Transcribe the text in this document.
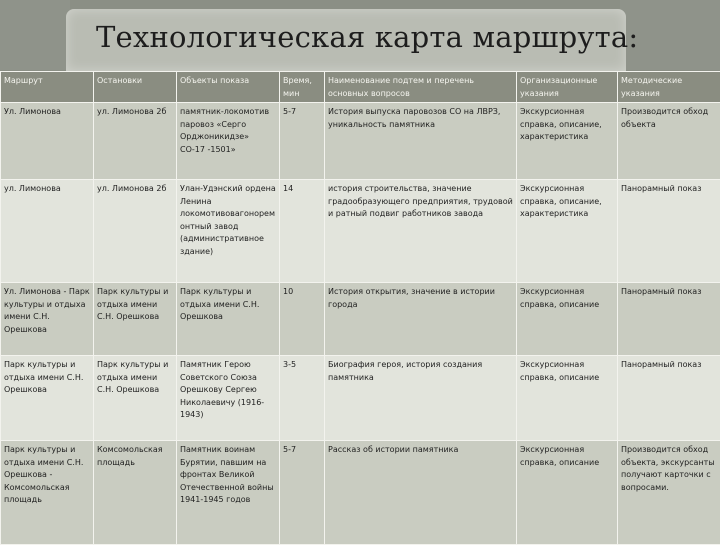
Технологическая карта маршрута:
Маршрут	Остановки	Объекты показа	Время, мин	Наименование подтем и перечень основных вопросов	Организационные указания	Методические указания
Ул. Лимонова	ул. Лимонова 2б	памятник-локомотив паровоз «Серго Орджоникидзе» СО-17 -1501»	5-7	История выпуска паровозов СО на ЛВРЗ, уникальность памятника	Экскурсионная справка, описание, характеристика	Производится обход объекта
ул. Лимонова	ул. Лимонова 2б	Улан-Удэнский ордена Ленина локомотивовагоноремонтный завод (административное здание)	14	история строительства, значение градообразующего предприятия, трудовой и ратный подвиг работников завода	Экскурсионная справка, описание, характеристика	Панорамный показ
Ул. Лимонова - Парк культуры и отдыха имени С.Н. Орешкова	Парк культуры и отдыха имени С.Н. Орешкова	Парк культуры и отдыха имени С.Н. Орешкова	10	История открытия, значение в истории города	Экскурсионная справка, описание	Панорамный показ
Парк культуры и отдыха имени С.Н. Орешкова	Парк культуры и отдыха имени С.Н. Орешкова	Памятник Герою Советского Союза Орешкову Сергею Николаевичу (1916-1943)	3-5	Биография героя, история создания памятника	Экскурсионная справка, описание	Панорамный показ
Парк культуры и отдыха имени С.Н. Орешкова - Комсомольская площадь	Комсомольская площадь	Памятник воинам Бурятии, павшим на фронтах Великой Отечественной войны 1941-1945 годов	5-7	Рассказ об истории памятника	Экскурсионная справка, описание	Производится обход объекта, экскурсанты получают карточки с вопросами.
